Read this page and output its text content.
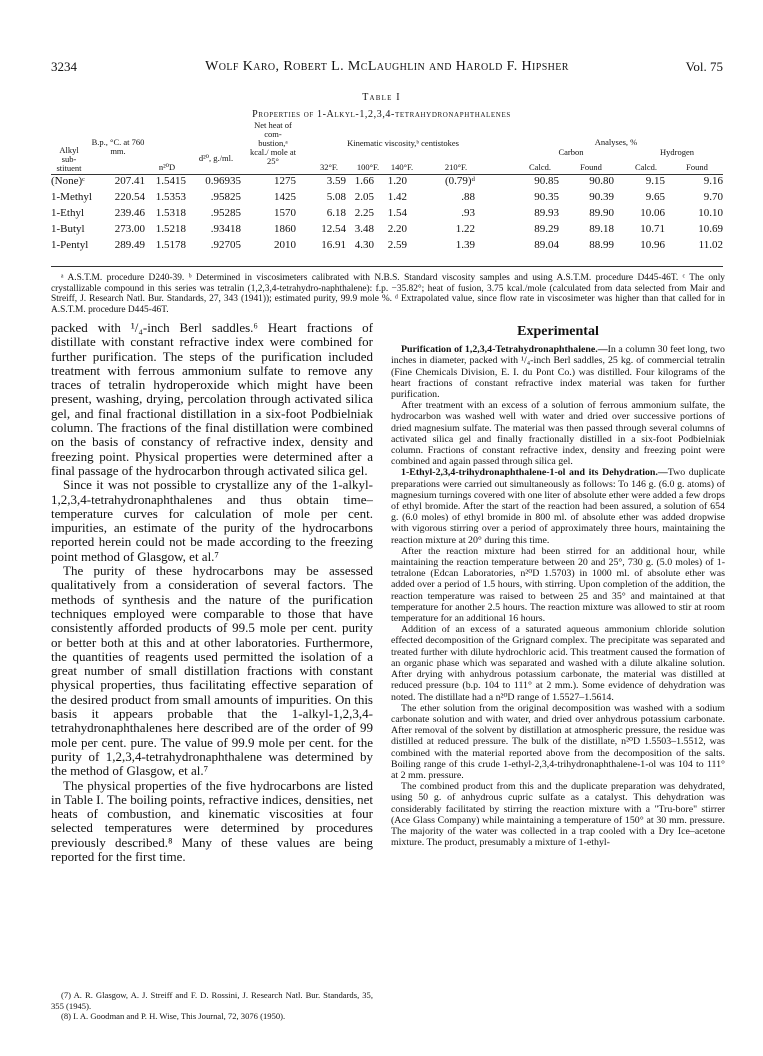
3234	Wolf Karo, Robert L. McLaughlin and Harold F. Hipsher	Vol. 75
Table I
Properties of 1-Alkyl-1,2,3,4-tetrahydronaphthalenes
Alkyl sub- stituent
B.p., °C. at 760 mm.
n²⁰D
d²⁰, g./ml.
Net heat of com- bustion,ᵃ kcal./ mole at 25°
Kinematic viscosity,ᵇ centistokes
32°F.	100°F.	140°F.	210°F.
Analyses, %
Carbon	Hydrogen
Calcd.	Found	Calcd.	Found
(None)ᶜ	207.41 1.5415	0.96935	1275	3.59 1.66	1.20	(0.79)ᵈ	90.85	90.80	9.15	9.16
1-Methyl	220.54 1.5353	.95825	1425	5.08 2.05	1.42	.88	90.35	90.39	9.65	9.70
1-Ethyl	239.46 1.5318	.95285	1570	6.18 2.25	1.54	.93	89.93	89.90	10.06	10.10
1-Butyl	273.00 1.5218	.93418	1860	12.54 3.48	2.20	1.22	89.29	89.18	10.71	10.69
1-Pentyl	289.49 1.5178	.92705	2010	16.91 4.30	2.59	1.39	89.04	88.99	10.96	11.02

ᵃ A.S.T.M. procedure D240-39. ᵇ Determined in viscosimeters calibrated with N.B.S. Standard viscosity samples and using A.S.T.M. procedure D445-46T. ᶜ The only crystallizable compound in this series was tetralin (1,2,3,4-tetrahydro-naphthalene): f.p. −35.82°; heat of fusion, 3.75 kcal./mole (calculated from data selected from Mair and Streiff, J. Research Natl. Bur. Standards, 27, 343 (1941)); estimated purity, 99.9 mole %. ᵈ Extrapolated value, since flow rate in viscosimeter was higher than that called for in A.S.T.M. procedure D445-46T.

packed with ¹/₄-inch Berl saddles.⁶ Heart fractions of distillate with constant refractive index were combined for further purification. The steps of the purification included treatment with ferrous ammonium sulfate to remove any traces of tetralin hydroperoxide which might have been present, washing, drying, percolation through activated silica gel, and final fractional distillation in a six-foot Podbielniak column. The fractions of the final distillation were combined on the basis of constancy of refractive index, density and freezing point. Physical properties were determined after a final passage of the hydrocarbon through activated silica gel.

Since it was not possible to crystallize any of the 1-alkyl-1,2,3,4-tetrahydronaphthalenes and thus obtain time–temperature curves for calculation of mole per cent. impurities, an estimate of the purity of the hydrocarbons reported herein could not be made according to the freezing point method of Glasgow, et al.⁷

The purity of these hydrocarbons may be assessed qualitatively from a consideration of several factors. The methods of synthesis and the nature of the purification techniques employed were comparable to those that have consistently afforded products of 99.5 mole per cent. purity or better both at this and at other laboratories. Furthermore, the quantities of reagents used permitted the isolation of a great number of small distillation fractions with constant physical properties, thus facilitating effective separation of the desired product from small amounts of impurities. On this basis it appears probable that the 1-alkyl-1,2,3,4-tetrahydronaphthalenes here described are of the order of 99 mole per cent. pure. The value of 99.9 mole per cent. for the purity of 1,2,3,4-tetrahydronaphthalene was determined by the method of Glasgow, et al.⁷

The physical properties of the five hydrocarbons are listed in Table I. The boiling points, refractive indices, densities, net heats of combustion, and kinematic viscosities at four selected temperatures were determined by procedures previously described.⁸ Many of these values are being reported for the first time.

(7) A. R. Glasgow, A. J. Streiff and F. D. Rossini, J. Research Natl. Bur. Standards, 35, 355 (1945).

(8) I. A. Goodman and P. H. Wise, This Journal, 72, 3076 (1950).

Experimental

Purification of 1,2,3,4-Tetrahydronaphthalene.—In a column 30 feet long, two inches in diameter, packed with ¹/₄-inch Berl saddles, 25 kg. of commercial tetralin (Fine Chemicals Division, E. I. du Pont Co.) was distilled. Four kilograms of the heart fractions of constant refractive index material was taken for further purification.

After treatment with an excess of a solution of ferrous ammonium sulfate, the hydrocarbon was washed well with water and dried over successive portions of dried magnesium sulfate. The material was then passed through several columns of activated silica gel and finally fractionally distilled in a six-foot Podbielniak column. Fractions of constant refractive index, density and freezing point were combined and again passed through silica gel.

1-Ethyl-2,3,4-trihydronaphthalene-1-ol and its Dehydration.—Two duplicate preparations were carried out simultaneously as follows: To 146 g. (6.0 g. atoms) of magnesium turnings covered with one liter of absolute ether were added a few drops of ethyl bromide. After the start of the reaction had been assured, a solution of 654 g. (6.0 moles) of ethyl bromide in 800 ml. of absolute ether was added dropwise with vigorous stirring over a period of approximately three hours, maintaining the reaction mixture at 20° during this time.

After the reaction mixture had been stirred for an additional hour, while maintaining the reaction temperature between 20 and 25°, 730 g. (5.0 moles) of 1-tetralone (Edcan Laboratories, n²⁰D 1.5703) in 1000 ml. of absolute ether was added over a period of 1.5 hours, with stirring. Upon completion of the addition, the reaction temperature was raised to between 25 and 35° and maintained at that temperature for another 2.5 hours. The reaction mixture was allowed to stir at room temperature for an additional 16 hours.

Addition of an excess of a saturated aqueous ammonium chloride solution effected decomposition of the Grignard complex. The precipitate was separated and treated further with dilute hydrochloric acid. This treatment caused the formation of an organic phase which was separated and washed with a dilute alkaline solution. After drying with anhydrous potassium carbonate, the material was distilled at reduced pressure (b.p. 104 to 111° at 2 mm.). Some evidence of dehydration was noted. The distillate had a n²⁰D range of 1.5527–1.5614.

The ether solution from the original decomposition was washed with a sodium carbonate solution and with water, and dried over anhydrous potassium carbonate. After removal of the solvent by distillation at atmospheric pressure, the residue was distilled at reduced pressure. The bulk of the distillate, n²⁰D 1.5503–1.5512, was combined with the material reported above from the decomposition of the salts. Boiling range of this crude 1-ethyl-2,3,4-trihydronaphthalene-1-ol was 104 to 111° at 2 mm. pressure.

The combined product from this and the duplicate preparation was dehydrated, using 50 g. of anhydrous cupric sulfate as a catalyst. This dehydration was considerably facilitated by stirring the reaction mixture with a "Tru-bore" stirrer (Ace Glass Company) while maintaining a temperature of 150° at 30 mm. pressure. The majority of the water was collected in a trap cooled with a Dry Ice–acetone mixture. The product, presumably a mixture of 1-ethyl-
